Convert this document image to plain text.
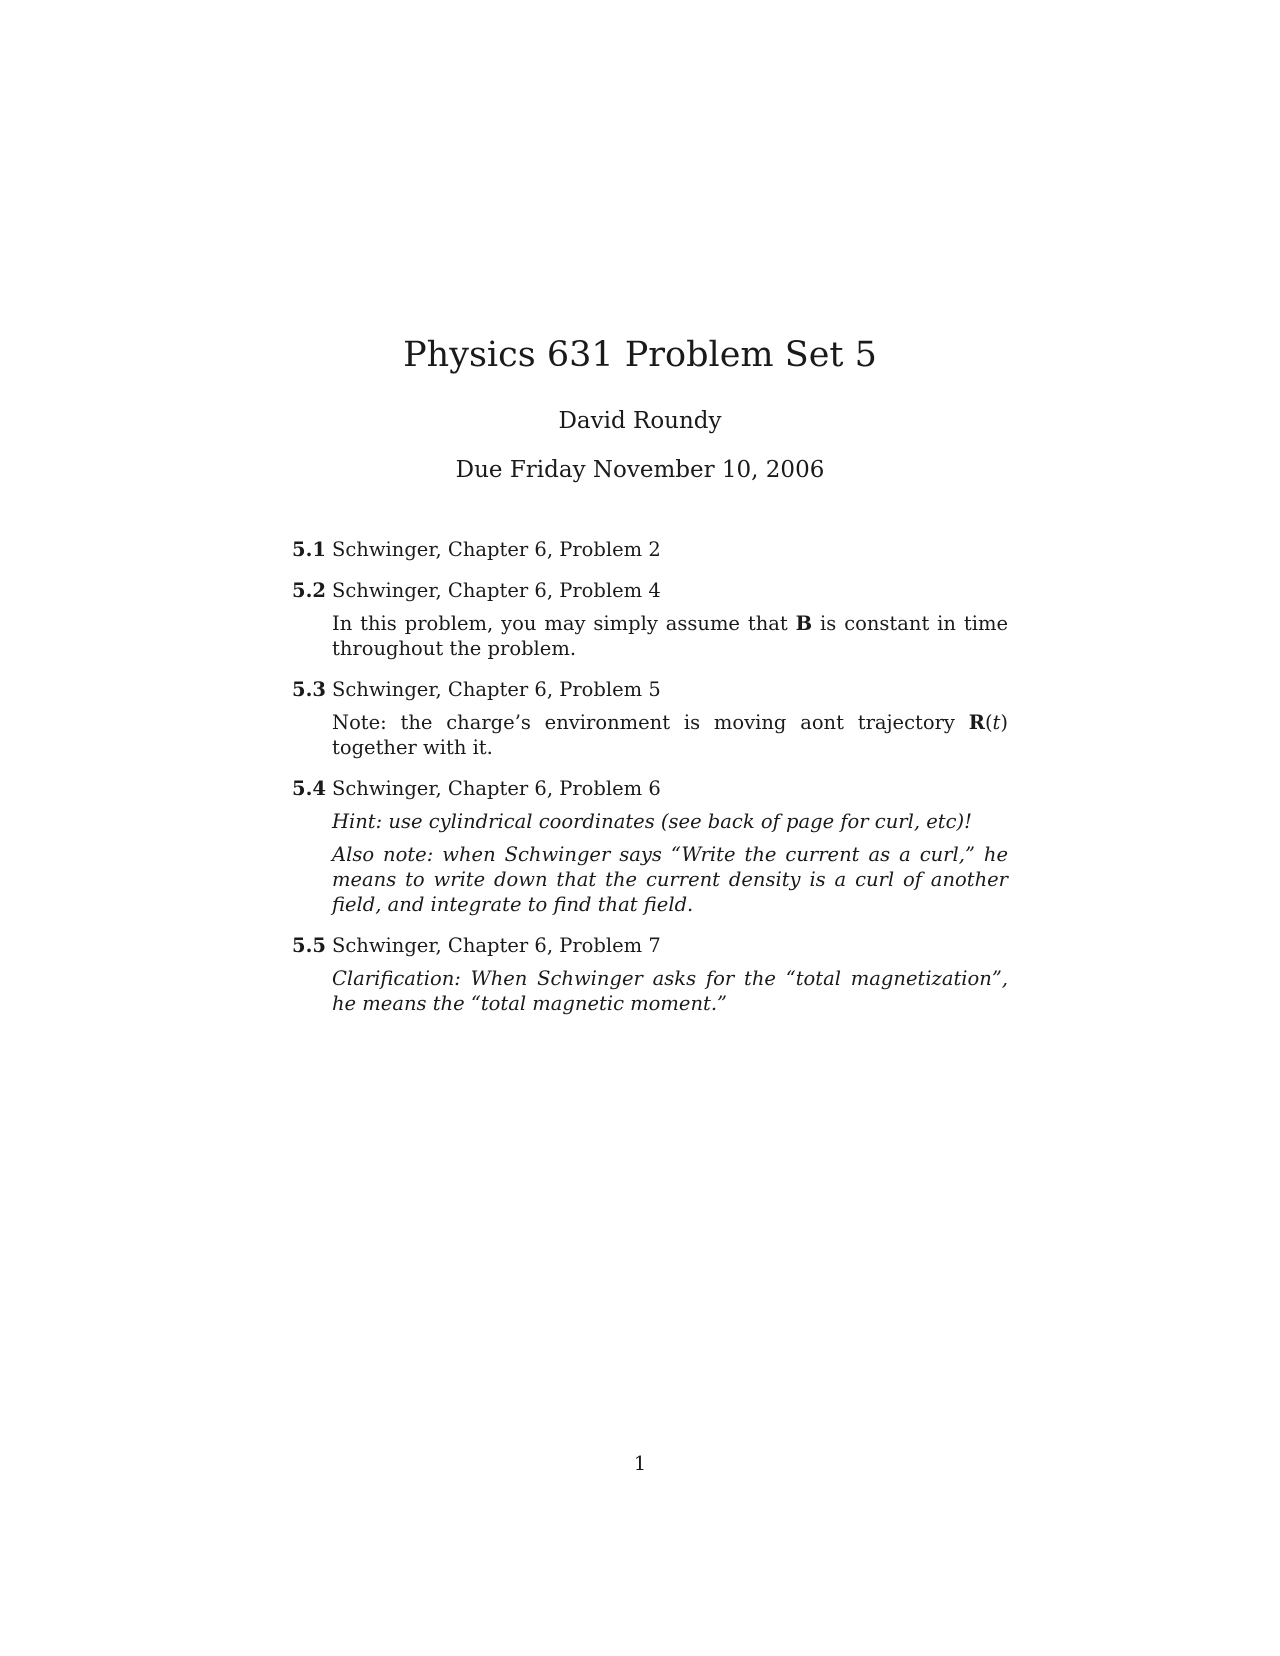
Physics 631 Problem Set 5
David Roundy
Due Friday November 10, 2006
5.1 Schwinger, Chapter 6, Problem 2
5.2 Schwinger, Chapter 6, Problem 4
In this problem, you may simply assume that B is constant in time throughout the problem.
5.3 Schwinger, Chapter 6, Problem 5
Note: the charge’s environment is moving aont trajectory R(t) together with it.
5.4 Schwinger, Chapter 6, Problem 6
Hint: use cylindrical coordinates (see back of page for curl, etc)!
Also note: when Schwinger says “Write the current as a curl,” he means to write down that the current density is a curl of another field, and integrate to find that field.
5.5 Schwinger, Chapter 6, Problem 7
Clarification: When Schwinger asks for the “total magnetization”, he means the “total magnetic moment.”
1
